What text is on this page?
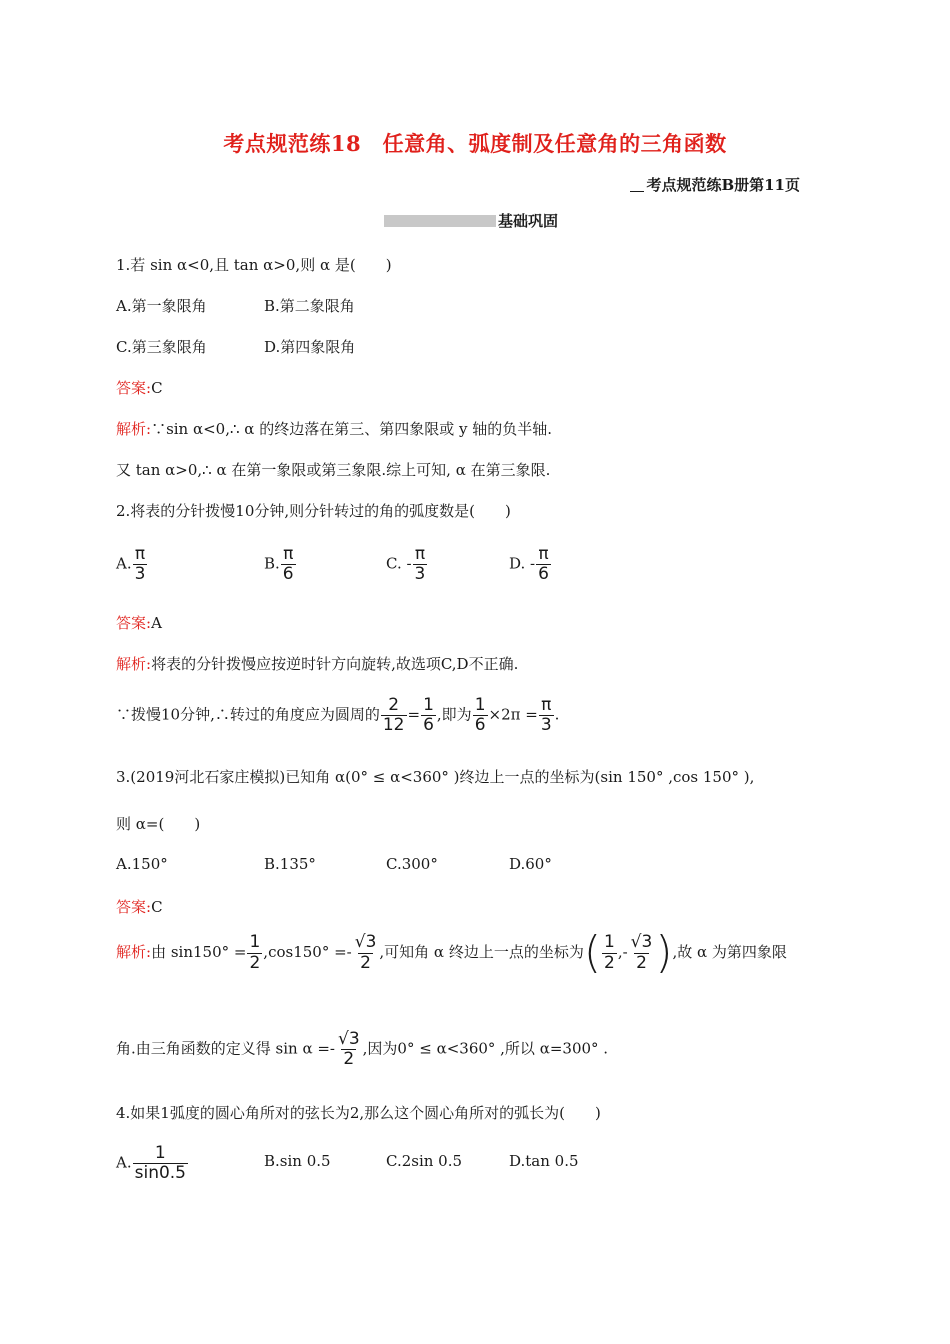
考点规范练18　任意角、弧度制及任意角的三角函数
考点规范练B册第11页
基础巩固
1.若 sin α<0,且 tan α>0,则 α 是(　　)
A.第一象限角	B.第二象限角
C.第三象限角	D.第四象限角
答案:C
解析:∵sin α<0,∴ α 的终边落在第三、第四象限或 y 轴的负半轴.
又 tan α>0,∴ α 在第一象限或第三象限.综上可知, α 在第三象限.
2.将表的分针拨慢10分钟,则分针转过的角的弧度数是(　　)
A. $\frac{\pi}{3}$	B. $\frac{\pi}{6}$	C. - $\frac{\pi}{3}$	D. - $\frac{\pi}{6}$
答案:A
解析:将表的分针拨慢应按逆时针方向旋转,故选项C,D不正确.
∵拨慢10分钟,∴转过的角度应为圆周的 $\frac{2}{12} = \frac{1}{6}$ ,即为 $\frac{1}{6} \times 2\pi = \frac{\pi}{3}$ .
3.(2019河北石家庄模拟)已知角 α(0° ≤ α<360° )终边上一点的坐标为(sin 150° ,cos 150° ),
则 α=(　　)
A.150°	B.135°	C.300°	D.60°
答案:C
解析:由 $\sin 150^\circ = \frac{1}{2} ,\cos 150^\circ =- \frac{√3}{2}$ ,可知角 α 终边上一点的坐标为( $\frac{1}{2}$ ,- $\frac{√3}{2}$ ),故 α 为第四象限
角.由三角函数的定义得 $\sin \alpha =- \frac{√3}{2}$ ,因为0° ≤ α<360° ,所以 α=300° .
4.如果1弧度的圆心角所对的弦长为2,那么这个圆心角所对的弧长为(　　)
A. $\frac{1}{\sin 0.5}$	B.sin 0.5	C.2sin 0.5	D.tan 0.5
